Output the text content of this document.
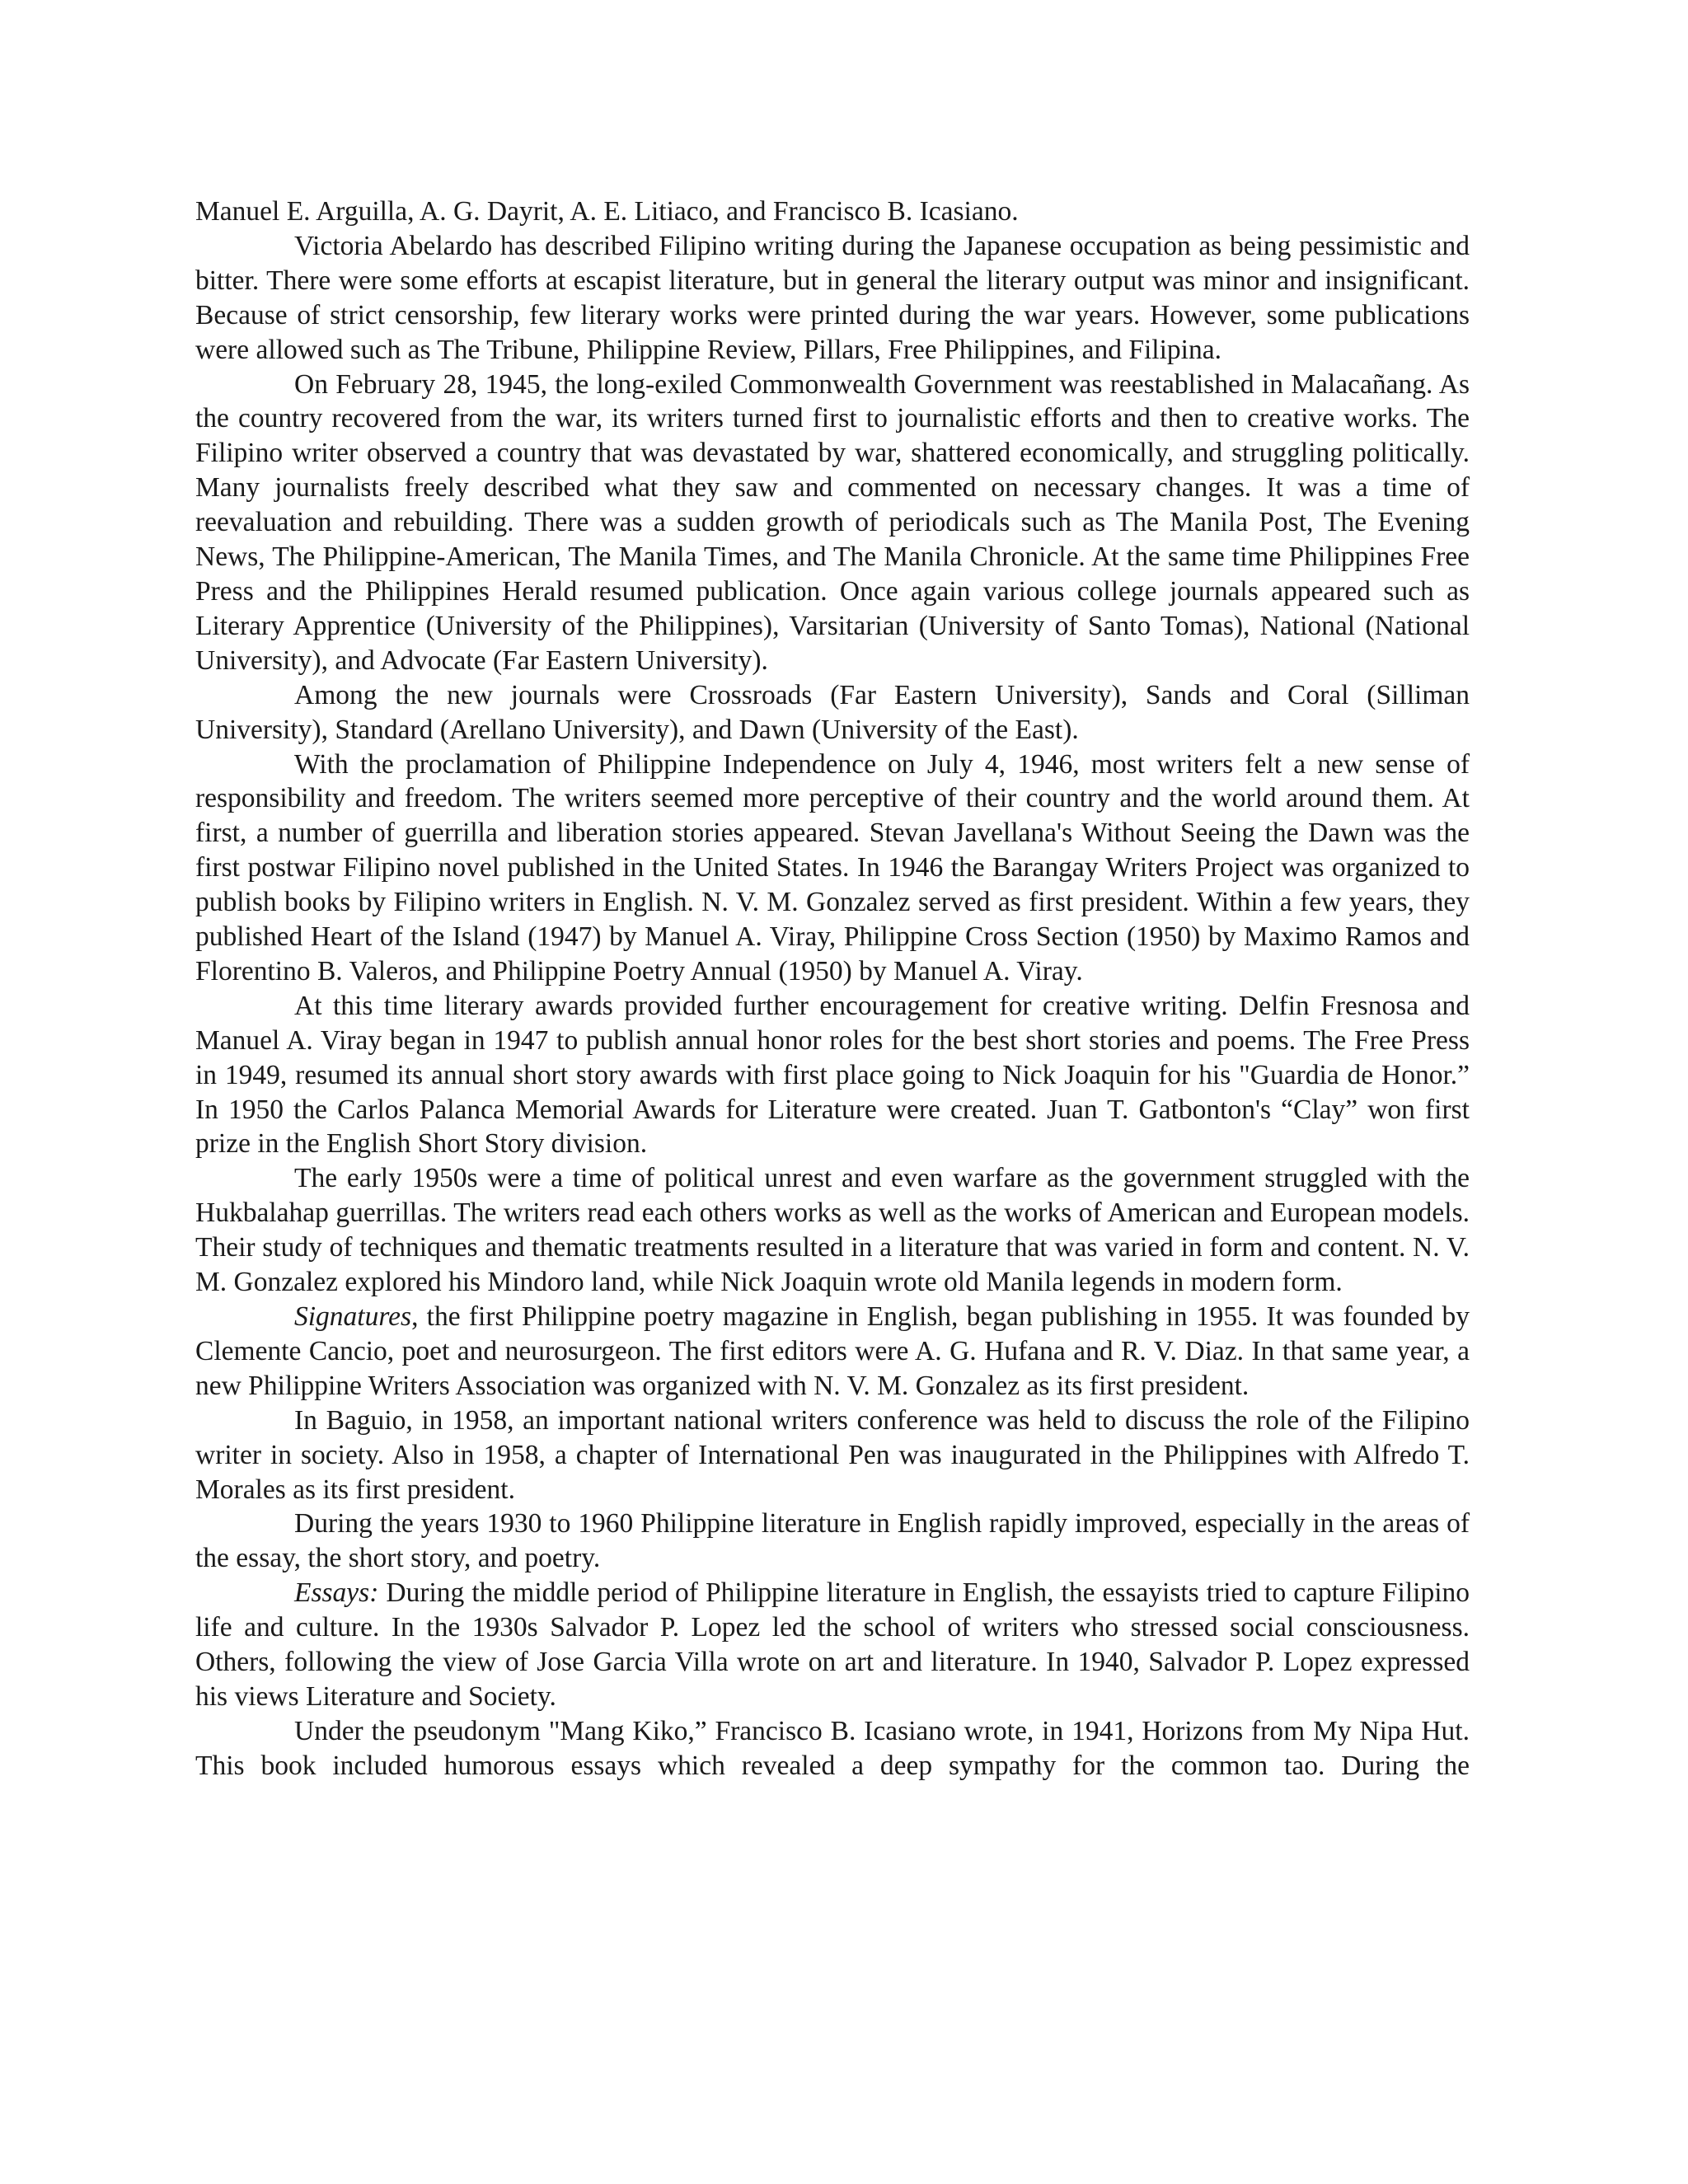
Manuel E. Arguilla, A. G. Dayrit, A. E. Litiaco, and Francisco B. Icasiano.

Victoria Abelardo has described Filipino writing during the Japanese occupation as being pessimistic and bitter. There were some efforts at escapist literature, but in general the literary output was minor and insignificant. Because of strict censorship, few literary works were printed during the war years. However, some publications were allowed such as The Tribune, Philippine Review, Pillars, Free Philippines, and Filipina.

On February 28, 1945, the long-exiled Commonwealth Government was reestablished in Malacañang. As the country recovered from the war, its writers turned first to journalistic efforts and then to creative works. The Filipino writer observed a country that was devastated by war, shattered economically, and struggling politically. Many journalists freely described what they saw and commented on necessary changes. It was a time of reevaluation and rebuilding. There was a sudden growth of periodicals such as The Manila Post, The Evening News, The Philippine-American, The Manila Times, and The Manila Chronicle. At the same time Philippines Free Press and the Philippines Herald resumed publication. Once again various college journals appeared such as Literary Apprentice (University of the Philippines), Varsitarian (University of Santo Tomas), National (National University), and Advocate (Far Eastern University).

Among the new journals were Crossroads (Far Eastern University), Sands and Coral (Silliman University), Standard (Arellano University), and Dawn (University of the East).

With the proclamation of Philippine Independence on July 4, 1946, most writers felt a new sense of responsibility and freedom. The writers seemed more perceptive of their country and the world around them. At first, a number of guerrilla and liberation stories appeared. Stevan Javellana's Without Seeing the Dawn was the first postwar Filipino novel published in the United States. In 1946 the Barangay Writers Project was organized to publish books by Filipino writers in English. N. V. M. Gonzalez served as first president. Within a few years, they published Heart of the Island (1947) by Manuel A. Viray, Philippine Cross Section (1950) by Maximo Ramos and Florentino B. Valeros, and Philippine Poetry Annual (1950) by Manuel A. Viray.

At this time literary awards provided further encouragement for creative writing. Delfin Fresnosa and Manuel A. Viray began in 1947 to publish annual honor roles for the best short stories and poems. The Free Press in 1949, resumed its annual short story awards with first place going to Nick Joaquin for his "Guardia de Honor.” In 1950 the Carlos Palanca Memorial Awards for Literature were created. Juan T. Gatbonton's “Clay” won first prize in the English Short Story division.

The early 1950s were a time of political unrest and even warfare as the government struggled with the Hukbalahap guerrillas. The writers read each others works as well as the works of American and European models. Their study of techniques and thematic treatments resulted in a literature that was varied in form and content. N. V. M. Gonzalez explored his Mindoro land, while Nick Joaquin wrote old Manila legends in modern form.

Signatures, the first Philippine poetry magazine in English, began publishing in 1955. It was founded by Clemente Cancio, poet and neurosurgeon. The first editors were A. G. Hufana and R. V. Diaz. In that same year, a new Philippine Writers Association was organized with N. V. M. Gonzalez as its first president.

In Baguio, in 1958, an important national writers conference was held to discuss the role of the Filipino writer in society. Also in 1958, a chapter of International Pen was inaugurated in the Philippines with Alfredo T. Morales as its first president.

During the years 1930 to 1960 Philippine literature in English rapidly improved, especially in the areas of the essay, the short story, and poetry.

Essays: During the middle period of Philippine literature in English, the essayists tried to capture Filipino life and culture. In the 1930s Salvador P. Lopez led the school of writers who stressed social consciousness. Others, following the view of Jose Garcia Villa wrote on art and literature. In 1940, Salvador P. Lopez expressed his views Literature and Society.

Under the pseudonym "Mang Kiko,” Francisco B. Icasiano wrote, in 1941, Horizons from My Nipa Hut. This book included humorous essays which revealed a deep sympathy for the common tao. During the
